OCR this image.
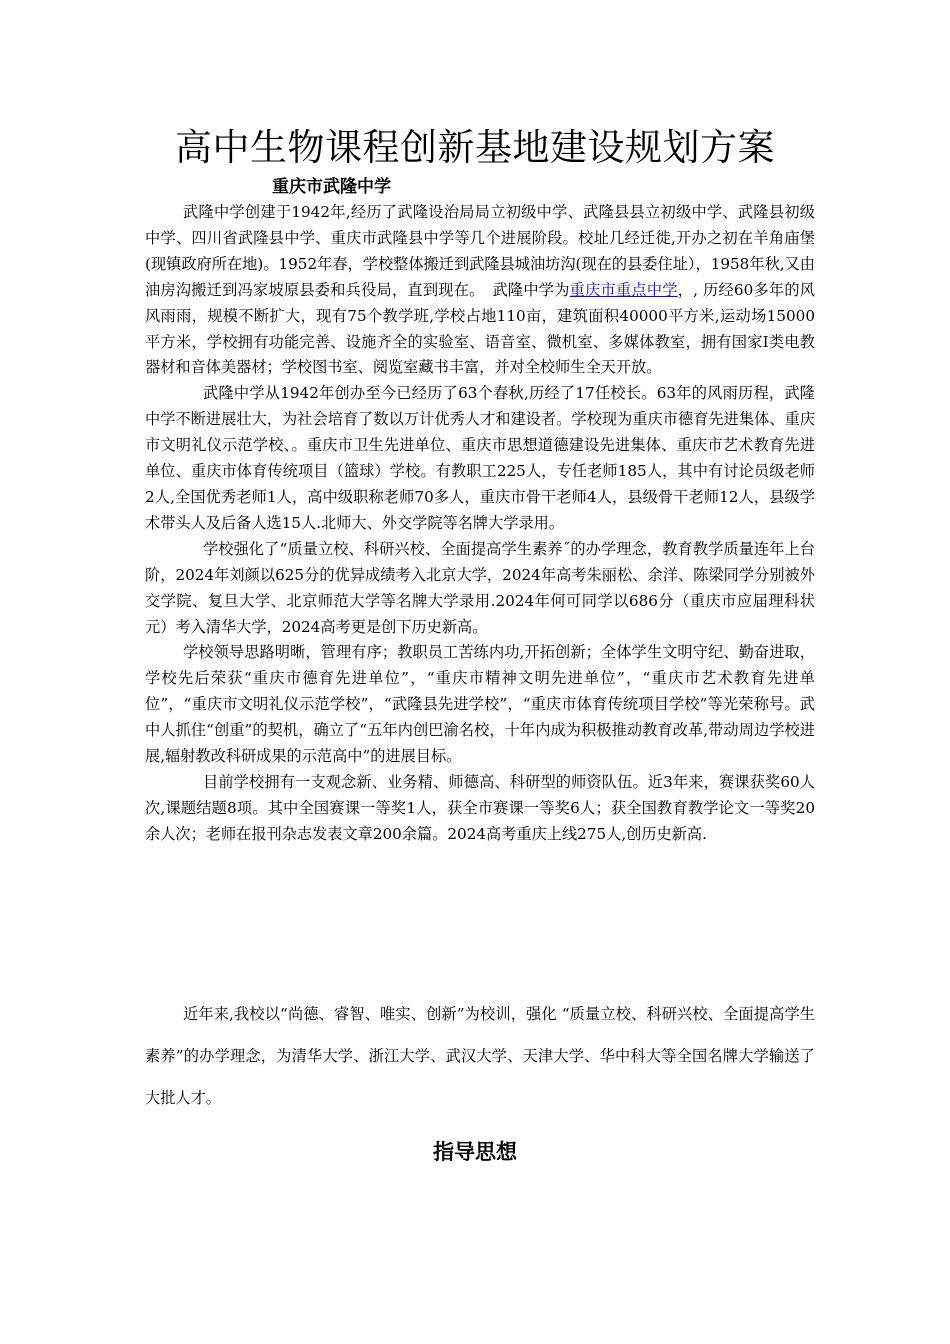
高中生物课程创新基地建设规划方案
重庆市武隆中学

武隆中学创建于1942年,经历了武隆设治局局立初级中学、武隆县县立初级中学、武隆县初级中学、四川省武隆县中学、重庆市武隆县中学等几个进展阶段。校址几经迁徙,开办之初在羊角庙堡(现镇政府所在地)。1952年春，学校整体搬迁到武隆县城油坊沟(现在的县委住址），1958年秋,又由油房沟搬迁到冯家坡原县委和兵役局，直到现在。　武隆中学为重庆市重点中学，, 历经60多年的风风雨雨，规模不断扩大，现有75个教学班,学校占地110亩，建筑面积40000平方米,运动场15000平方米，学校拥有功能完善、设施齐全的实验室、语音室、微机室、多媒体教室，拥有国家I类电教器材和音体美器材；学校图书室、阅览室藏书丰富，并对全校师生全天开放。

武隆中学从1942年创办至今已经历了63个春秋,历经了17任校长。63年的风雨历程，武隆中学不断进展壮大，为社会培育了数以万计优秀人才和建设者。学校现为重庆市德育先进集体、重庆市文明礼仪示范学校、。重庆市卫生先进单位、重庆市思想道德建设先进集体、重庆市艺术教育先进单位、重庆市体育传统项目（篮球）学校。有教职工225人，专任老师185人，其中有讨论员级老师2人,全国优秀老师1人，高中级职称老师70多人，重庆市骨干老师4人，县级骨干老师12人，县级学术带头人及后备人选15人.北师大、外交学院等名牌大学录用。

学校强化了“质量立校、科研兴校、全面提高学生素养˝的办学理念，教育教学质量连年上台阶，2024年刘颜以625分的优异成绩考入北京大学，2024年高考朱丽松、余洋、陈梁同学分别被外交学院、复旦大学、北京师范大学等名牌大学录用.2024年何可同学以686分（重庆市应届理科状元）考入清华大学，2024高考更是创下历史新高。

学校领导思路明晰，管理有序；教职员工苦练内功,开拓创新；全体学生文明守纪、勤奋进取，学校先后荣获“重庆市德育先进单位”，“重庆市精神文明先进单位”，“重庆市艺术教育先进单位”，“重庆市文明礼仪示范学校”，“武隆县先进学校”，“重庆市体育传统项目学校”等光荣称号。武中人抓住“创重”的契机，确立了“五年内创巴渝名校，十年内成为积极推动教育改革,带动周边学校进展,辐射教改科研成果的示范高中”的进展目标。

目前学校拥有一支观念新、业务精、师德高、科研型的师资队伍。近3年来，赛课获奖60人次,课题结题8项。其中全国赛课一等奖1人，获全市赛课一等奖6人；获全国教育教学论文一等奖20余人次；老师在报刊杂志发表文章200余篇。2024高考重庆上线275人,创历史新高.

近年来,我校以“尚德、睿智、唯实、创新”为校训，强化 “质量立校、科研兴校、全面提高学生素养”的办学理念，为清华大学、浙江大学、武汉大学、天津大学、华中科大等全国名牌大学输送了大批人才。

指导思想
